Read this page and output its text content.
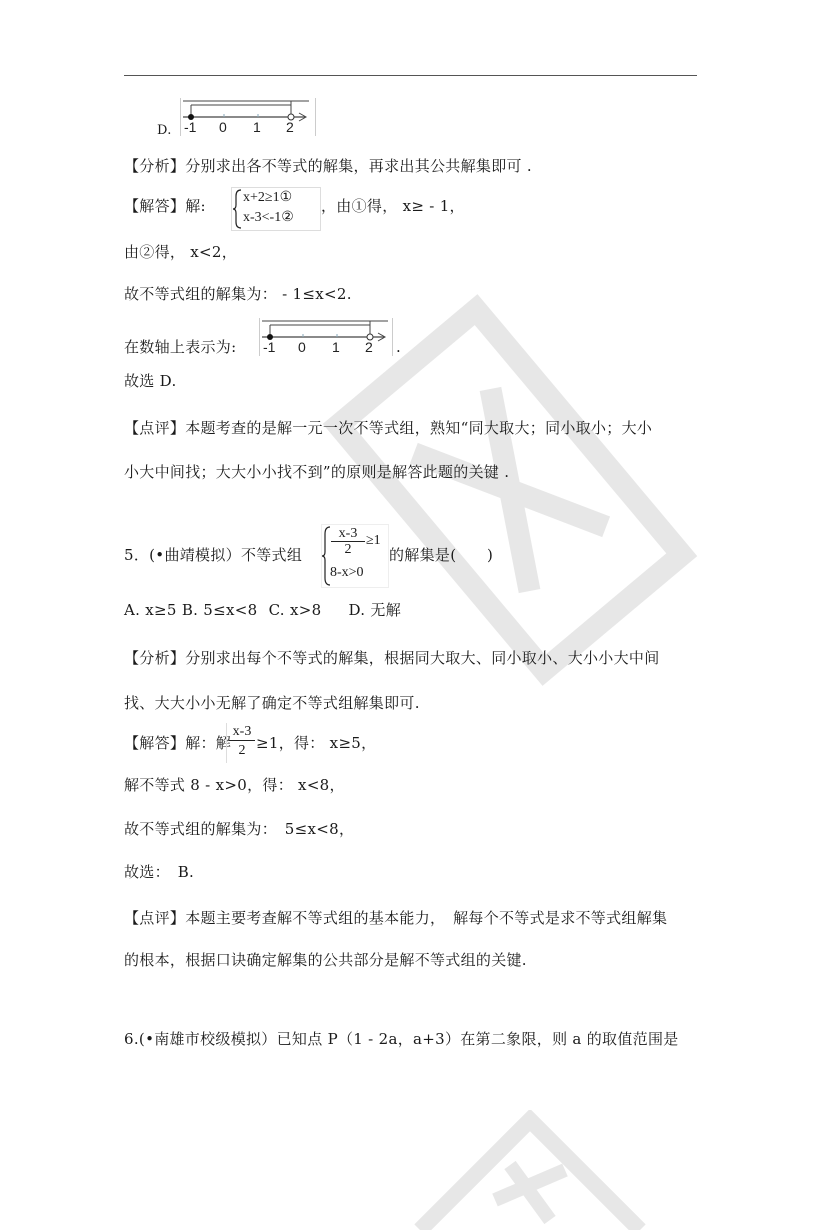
D. -1 0 1 2
【分析】分别求出各不等式的解集，再求出其公共解集即可 .
【解答】解:	x+2≥1①
x-3<-1②
，由①得， x≥ - 1，
由②得， x<2，
故不等式组的解集为： - 1≤x<2.
在数轴上表示为: -1 0 1 2 .
故选 D.
【点评】本题考查的是解一元一次不等式组，熟知“同大取大；同小取小；大小
小大中间找；大大小小找不到”的原则是解答此题的关键 .
5．(•曲靖模拟）不等式组
x-3
2
≥1
8-x>0
的解集是(　　)
A. x≥5 B. 5≤x<8 C. x>8 D. 无解
【分析】分别求出每个不等式的解集，根据同大取大、同小取小、大小小大中间
找、大大小小无解了确定不等式组解集即可.
【解答】解：解
x-3
2 ≥1，得： x≥5，
解不等式 8 - x>0，得： x<8，
故不等式组的解集为：　5≤x<8，
故选：　B.
【点评】本题主要考查解不等式组的基本能力，　解每个不等式是求不等式组解集
的根本，根据口诀确定解集的公共部分是解不等式组的关键.
6.(•南雄市校级模拟）已知点 P（1 - 2a，a+3）在第二象限，则 a 的取值范围是
